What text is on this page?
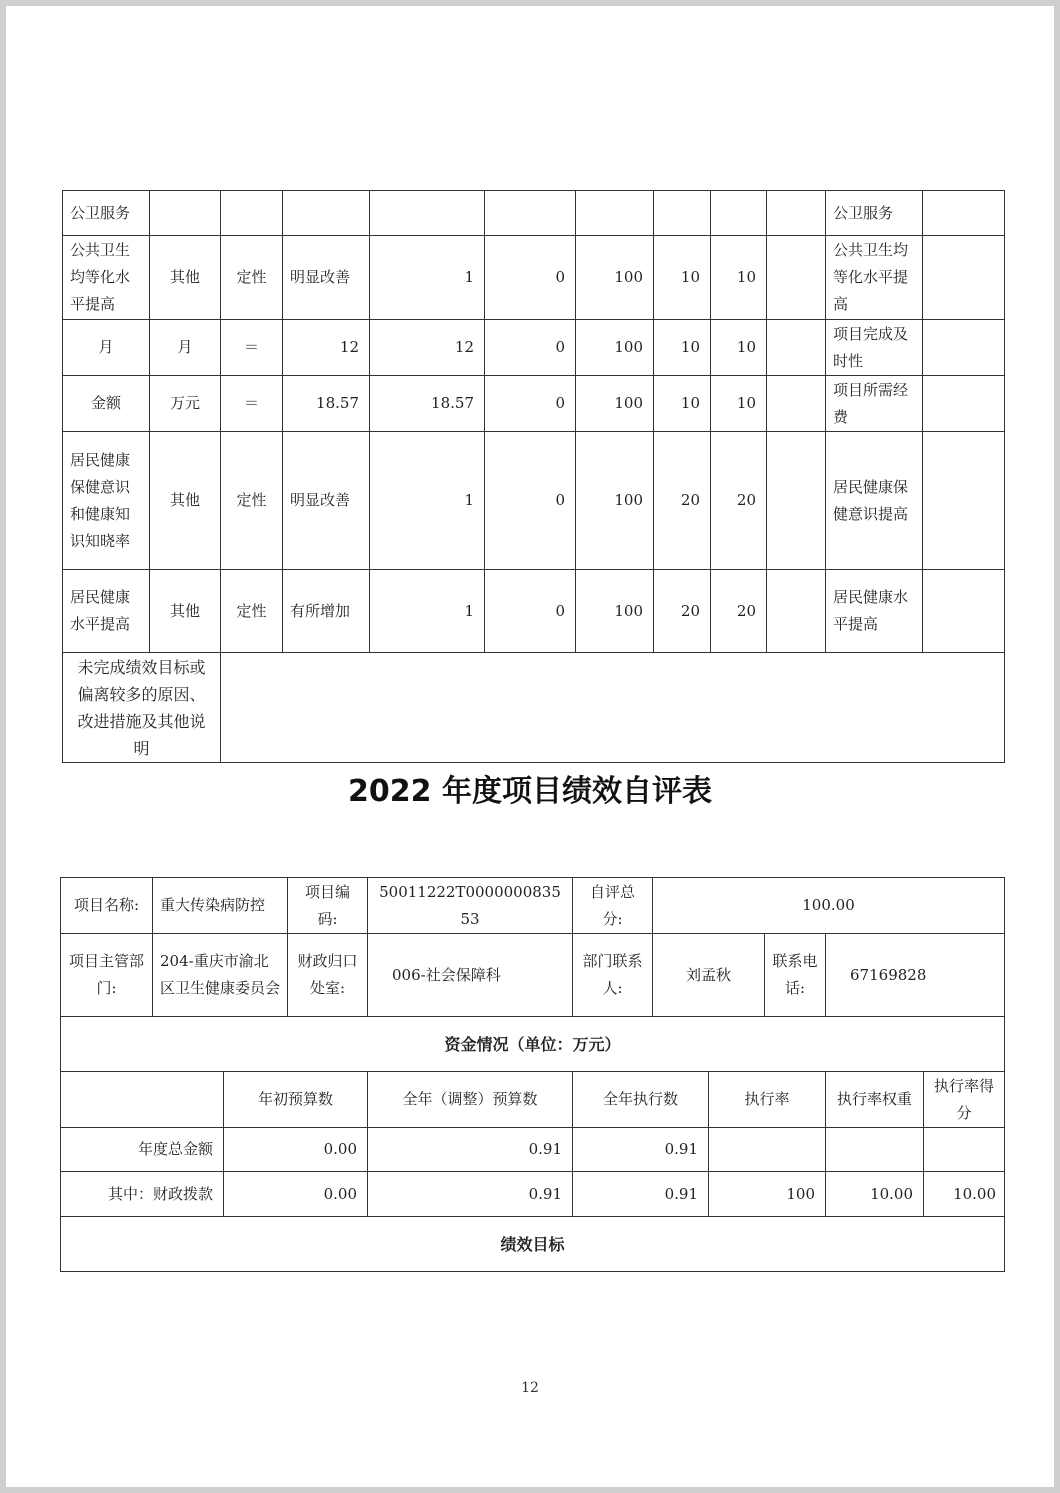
公卫服务										公卫服务	
公共卫生均等化水平提高	其他	定性	明显改善	1	0	100	10	10		公共卫生均等化水平提高	
月	月	＝	12	12	0	100	10	10		项目完成及时性	
金额	万元	＝	18.57	18.57	0	100	10	10		项目所需经费	
居民健康保健意识和健康知识知晓率	其他	定性	明显改善	1	0	100	20	20		居民健康保健意识提高	
居民健康水平提高	其他	定性	有所增加	1	0	100	20	20		居民健康水平提高	
未完成绩效目标或偏离较多的原因、改进措施及其他说明											
2022 年度项目绩效自评表
项目名称:	重大传染病防控		项目编码:	50011222T000000083553	自评总分:	100.00				
项目主管部门:	204-重庆市渝北区卫生健康委员会		财政归口处室:	006-社会保障科	部门联系人:	刘孟秋		联系电话:	67169828	
资金情况（单位：万元）										
		年初预算数		全年（调整）预算数	全年执行数		执行率		执行率权重	执行率得分
年度总金额		0.00		0.91	0.91					
其中：财政拨款		0.00		0.91	0.91		100		10.00	10.00
绩效目标										
12
